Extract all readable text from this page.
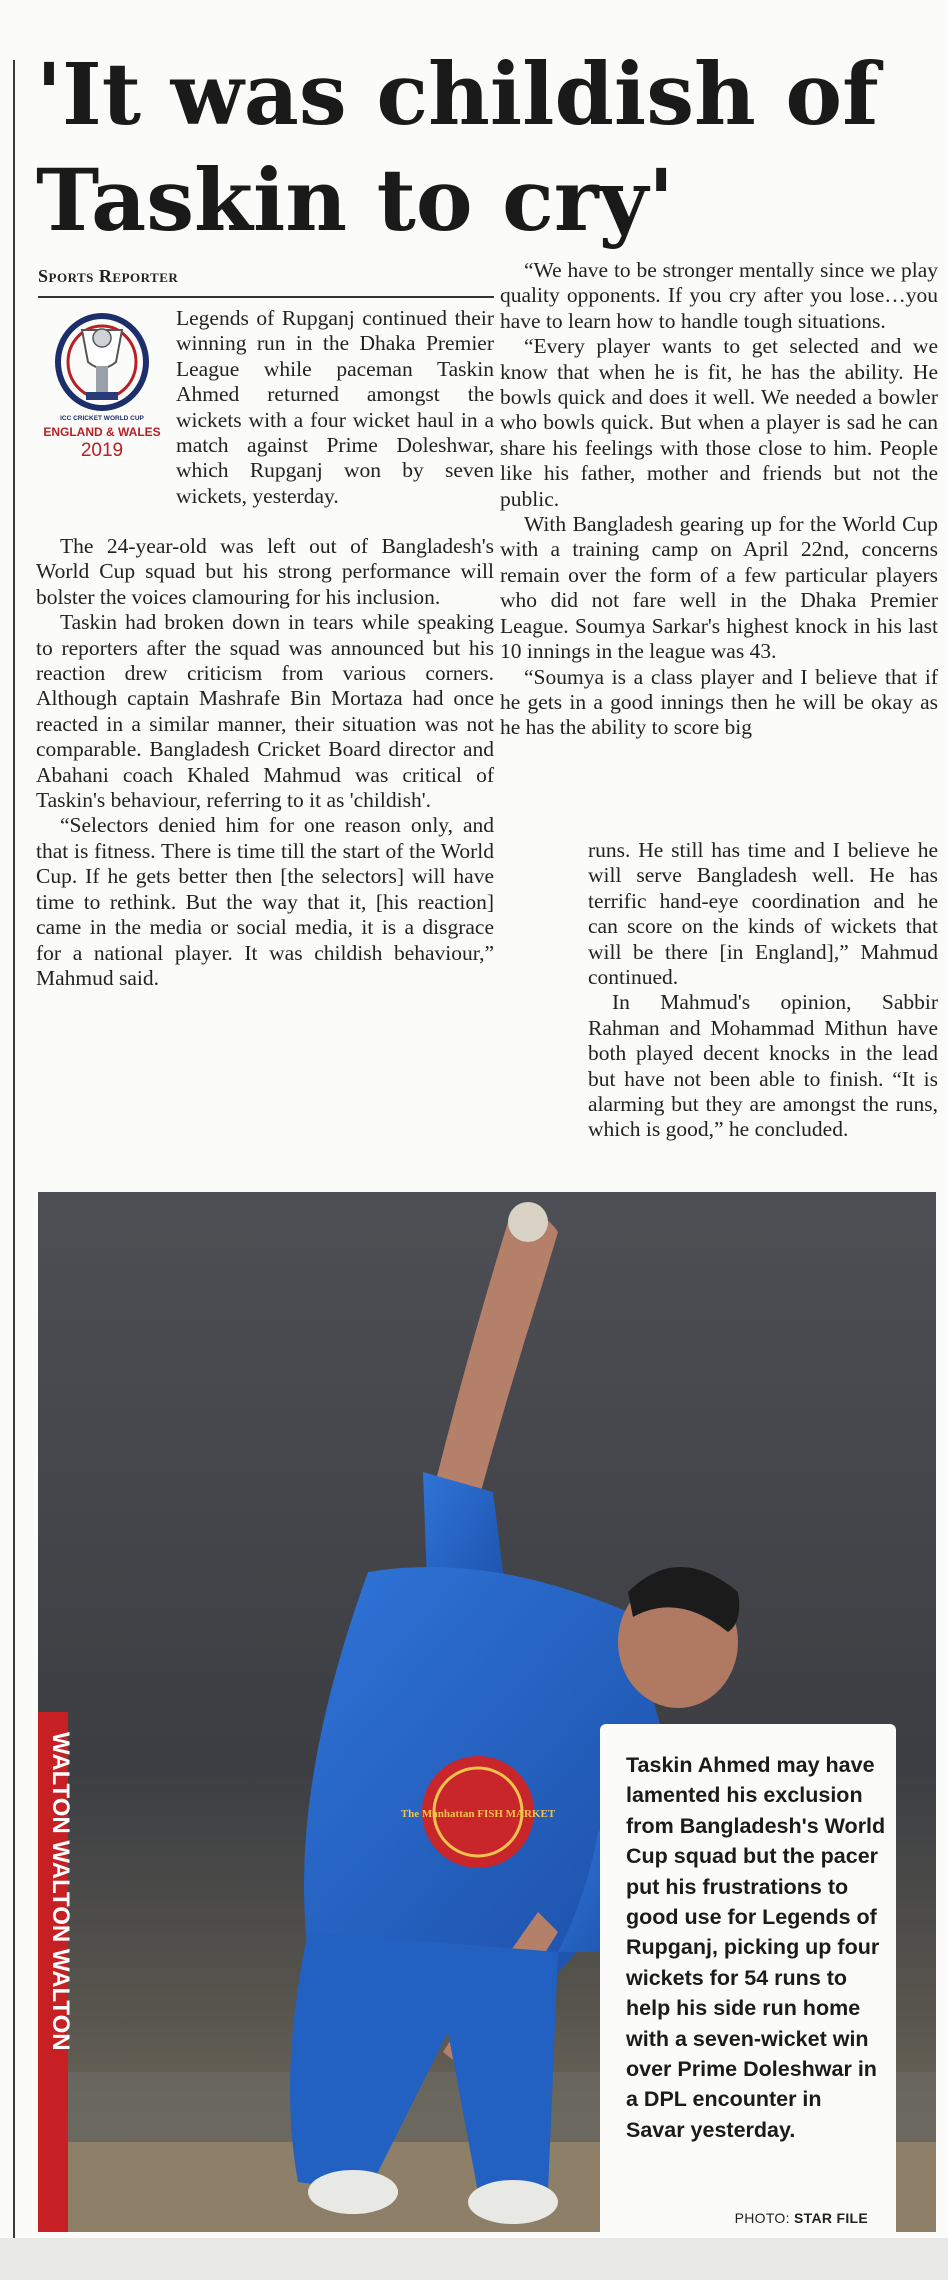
'It was childish of
Taskin to cry'
Sports Reporter
ICC CRICKET WORLD CUP
ENGLAND & WALES
2019

Legends of Rupganj continued their winning run in the Dhaka Premier League while paceman Taskin Ahmed returned amongst the wickets with a four wicket haul in a match against Prime Doleshwar, which Rupganj won by seven wickets, yesterday.

The 24-year-old was left out of Bangladesh's World Cup squad but his strong performance will bolster the voices clamouring for his inclusion.

Taskin had broken down in tears while speaking to reporters after the squad was announced but his reaction drew criticism from various corners. Although captain Mashrafe Bin Mortaza had once reacted in a similar manner, their situation was not comparable. Bangladesh Cricket Board director and Abahani coach Khaled Mahmud was critical of Taskin's behaviour, referring to it as 'childish'.

“Selectors denied him for one reason only, and that is fitness. There is time till the start of the World Cup. If he gets better then [the selectors] will have time to rethink. But the way that it, [his reaction] came in the media or social media, it is a disgrace for a national player. It was childish behaviour,” Mahmud said.

“We have to be stronger mentally since we play quality opponents. If you cry after you lose…you have to learn how to handle tough situations.

“Every player wants to get selected and we know that when he is fit, he has the ability. He bowls quick and does it well. We needed a bowler who bowls quick. But when a player is sad he can share his feelings with those close to him. People like his father, mother and friends but not the public.

With Bangladesh gearing up for the World Cup with a training camp on April 22nd, concerns remain over the form of a few particular players who did not fare well in the Dhaka Premier League. Soumya Sarkar's highest knock in his last 10 innings in the league was 43.

“Soumya is a class player and I believe that if he gets in a good innings then he will be okay as he has the ability to score big

runs. He still has time and I believe he will serve Bangladesh well. He has terrific hand-eye coordination and he can score on the kinds of wickets that will be there [in England],” Mahmud continued.

In Mahmud's opinion, Sabbir Rahman and Mohammad Mithun have both played decent knocks in the lead but have not been able to finish. “It is alarming but they are amongst the runs, which is good,” he concluded.

WALTON WALTON WALTON	The Manhattan FISH MARKET
Taskin Ahmed may have lamented his exclusion from Bangladesh's World Cup squad but the pacer put his frustrations to good use for Legends of Rupganj, picking up four wickets for 54 runs to help his side run home with a seven-wicket win over Prime Doleshwar in a DPL encounter in Savar yesterday.
PHOTO: STAR FILE
